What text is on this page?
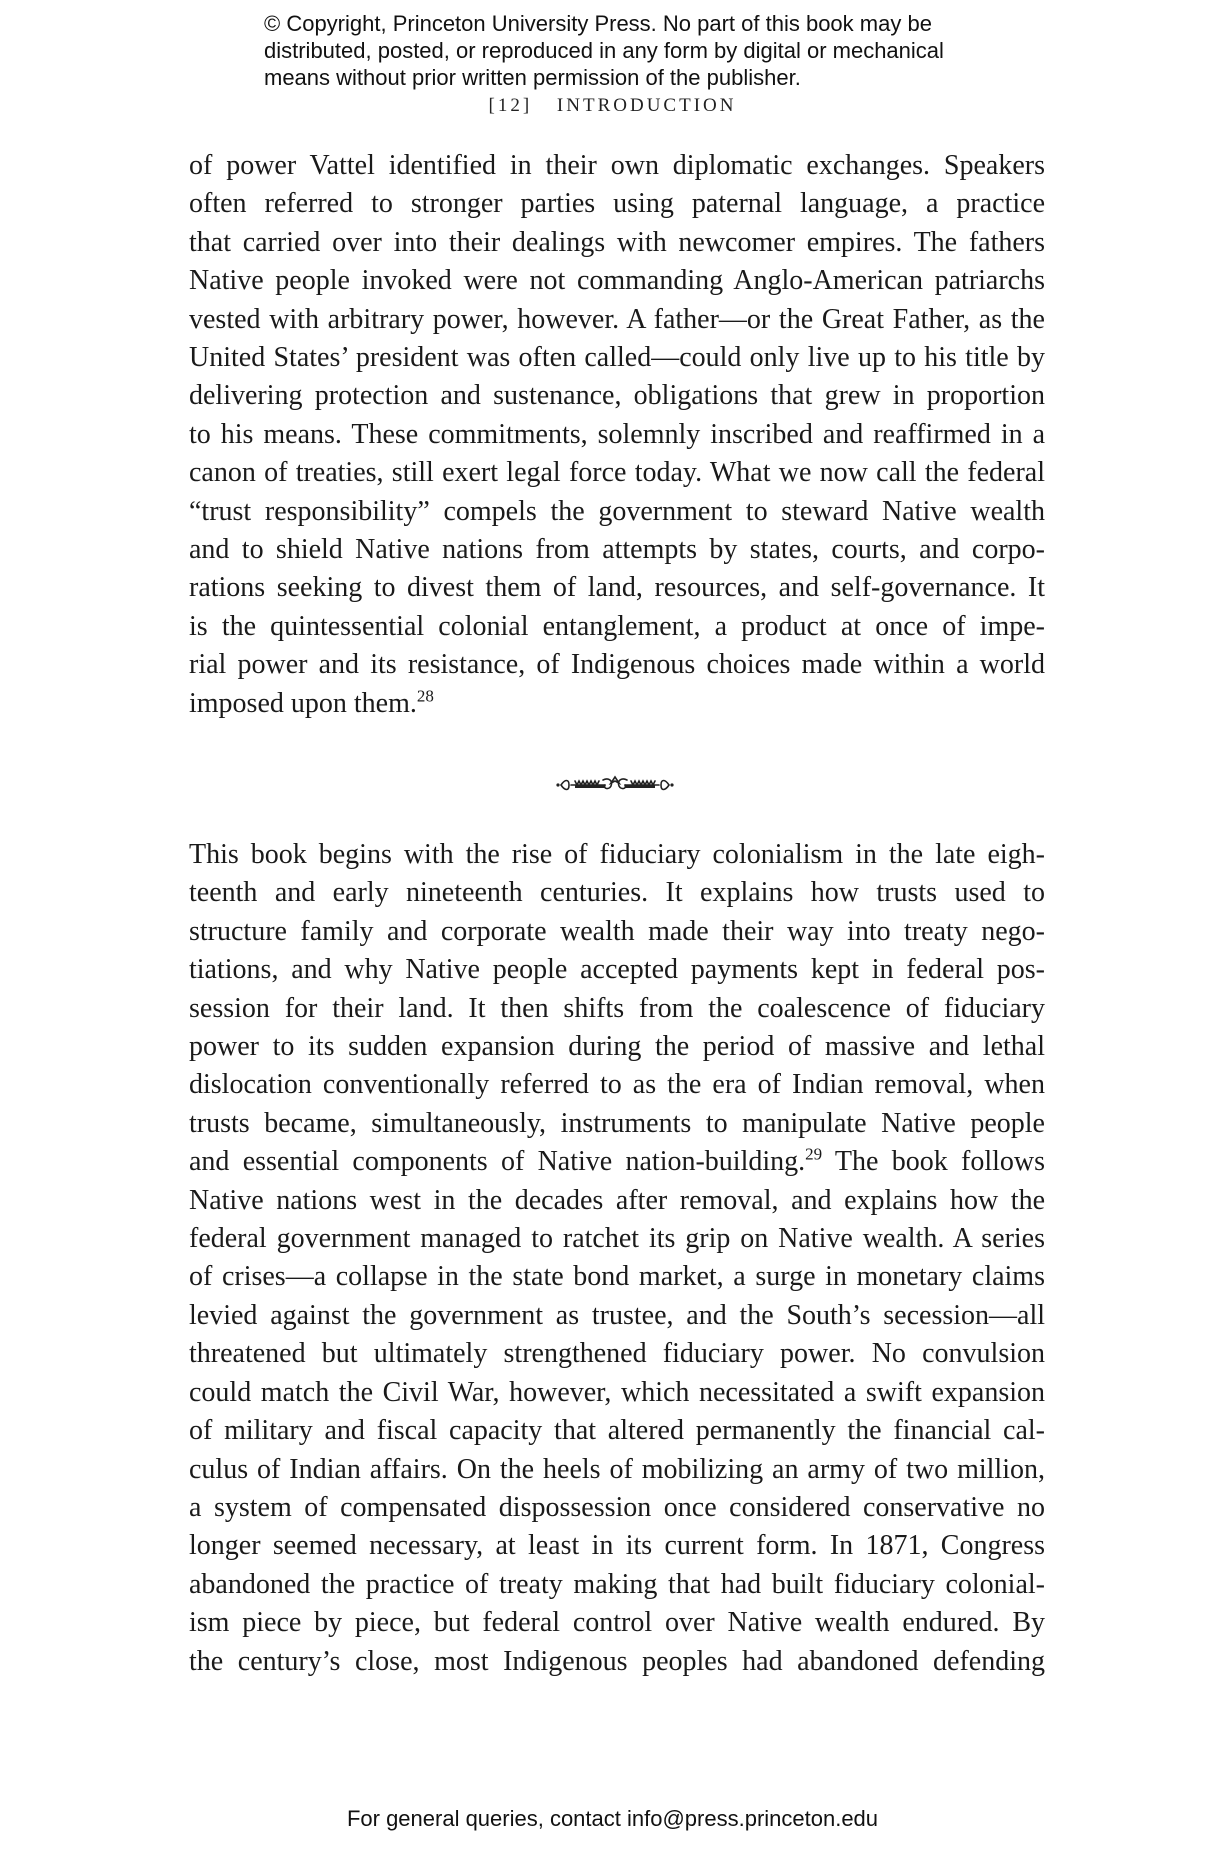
© Copyright, Princeton University Press. No part of this book may be
distributed, posted, or reproduced in any form by digital or mechanical
means without prior written permission of the publisher.
[12] INTRODUCTION
of power Vattel identified in their own diplomatic exchanges. Speakers
often referred to stronger parties using paternal language, a practice
that carried over into their dealings with newcomer empires. The fathers
Native people invoked were not commanding Anglo-American patriarchs
vested with arbitrary power, however. A father—or the Great Father, as the
United States’ president was often called—could only live up to his title by
delivering protection and sustenance, obligations that grew in proportion
to his means. These commitments, solemnly inscribed and reaffirmed in a
canon of treaties, still exert legal force today. What we now call the federal
“trust responsibility” compels the government to steward Native wealth
and to shield Native nations from attempts by states, courts, and corpo-
rations seeking to divest them of land, resources, and self-governance. It
is the quintessential colonial entanglement, a product at once of impe-
rial power and its resistance, of Indigenous choices made within a world
imposed upon them.$^{28}$
This book begins with the rise of fiduciary colonialism in the late eigh-
teenth and early nineteenth centuries. It explains how trusts used to
structure family and corporate wealth made their way into treaty nego-
tiations, and why Native people accepted payments kept in federal pos-
session for their land. It then shifts from the coalescence of fiduciary
power to its sudden expansion during the period of massive and lethal
dislocation conventionally referred to as the era of Indian removal, when
trusts became, simultaneously, instruments to manipulate Native people
and essential components of Native nation-building.$^{29}$ The book follows
Native nations west in the decades after removal, and explains how the
federal government managed to ratchet its grip on Native wealth. A series
of crises—a collapse in the state bond market, a surge in monetary claims
levied against the government as trustee, and the South’s secession—all
threatened but ultimately strengthened fiduciary power. No convulsion
could match the Civil War, however, which necessitated a swift expansion
of military and fiscal capacity that altered permanently the financial cal-
culus of Indian affairs. On the heels of mobilizing an army of two million,
a system of compensated dispossession once considered conservative no
longer seemed necessary, at least in its current form. In 1871, Congress
abandoned the practice of treaty making that had built fiduciary colonial-
ism piece by piece, but federal control over Native wealth endured. By
the century’s close, most Indigenous peoples had abandoned defending
For general queries, contact info@press.princeton.edu
